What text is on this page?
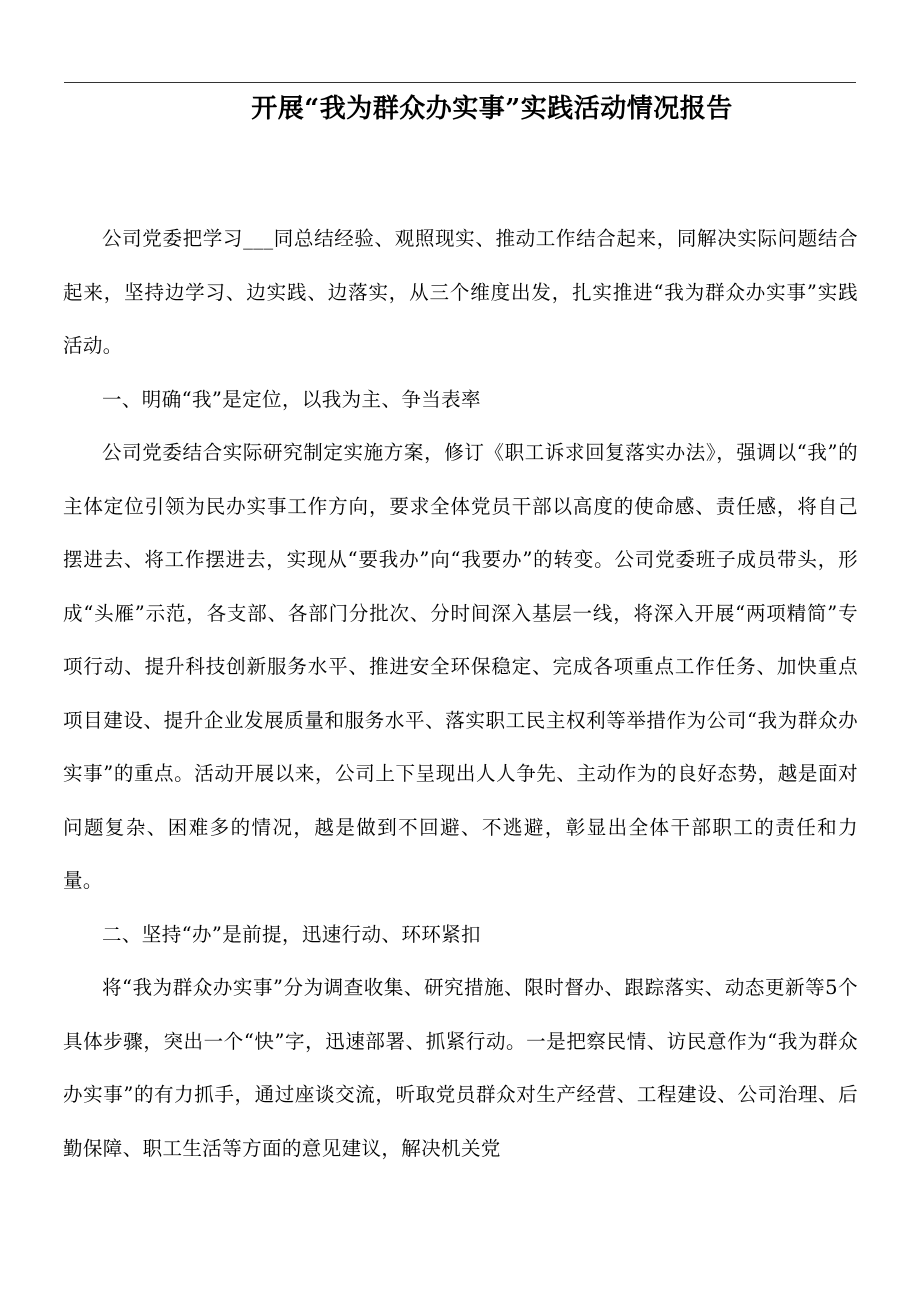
开展“我为群众办实事”实践活动情况报告

公司党委把学习___同总结经验、观照现实、推动工作结合起来，同解决实际问题结合起来，坚持边学习、边实践、边落实，从三个维度出发，扎实推进“我为群众办实事”实践活动。

一、明确“我”是定位，以我为主、争当表率

公司党委结合实际研究制定实施方案，修订《职工诉求回复落实办法》，强调以“我”的主体定位引领为民办实事工作方向，要求全体党员干部以高度的使命感、责任感，将自己摆进去、将工作摆进去，实现从“要我办”向“我要办”的转变。公司党委班子成员带头，形成“头雁”示范，各支部、各部门分批次、分时间深入基层一线，将深入开展“两项精简”专项行动、提升科技创新服务水平、推进安全环保稳定、完成各项重点工作任务、加快重点项目建设、提升企业发展质量和服务水平、落实职工民主权利等举措作为公司“我为群众办实事”的重点。活动开展以来，公司上下呈现出人人争先、主动作为的良好态势，越是面对问题复杂、困难多的情况，越是做到不回避、不逃避，彰显出全体干部职工的责任和力量。

二、坚持“办”是前提，迅速行动、环环紧扣

将“我为群众办实事”分为调查收集、研究措施、限时督办、跟踪落实、动态更新等5个具体步骤，突出一个“快”字，迅速部署、抓紧行动。一是把察民情、访民意作为“我为群众办实事”的有力抓手，通过座谈交流，听取党员群众对生产经营、工程建设、公司治理、后勤保障、职工生活等方面的意见建议，解决机关党
